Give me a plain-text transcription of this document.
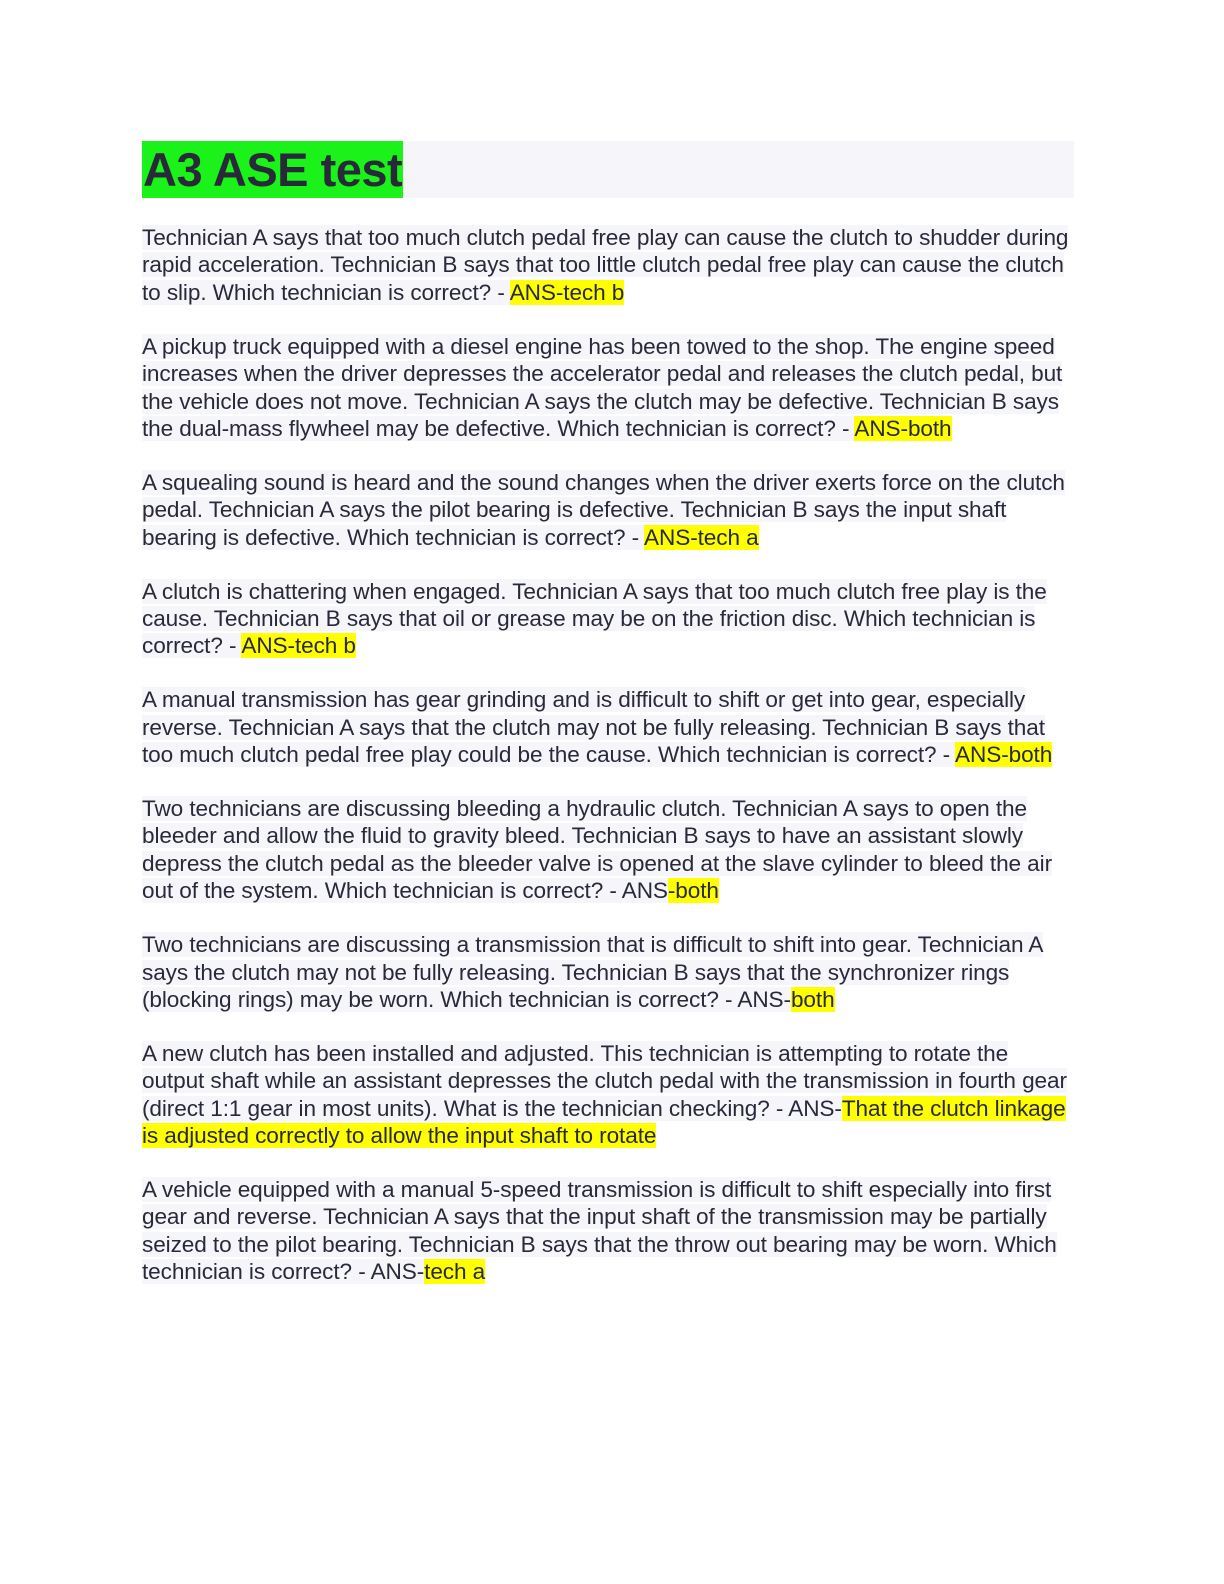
A3 ASE test

Technician A says that too much clutch pedal free play can cause the clutch to shudder during rapid acceleration. Technician B says that too little clutch pedal free play can cause the clutch to slip. Which technician is correct? - ANS-tech b

A pickup truck equipped with a diesel engine has been towed to the shop. The engine speed increases when the driver depresses the accelerator pedal and releases the clutch pedal, but the vehicle does not move. Technician A says the clutch may be defective. Technician B says the dual-mass flywheel may be defective. Which technician is correct? - ANS-both

A squealing sound is heard and the sound changes when the driver exerts force on the clutch pedal. Technician A says the pilot bearing is defective. Technician B says the input shaft bearing is defective. Which technician is correct? - ANS-tech a

A clutch is chattering when engaged. Technician A says that too much clutch free play is the cause. Technician B says that oil or grease may be on the friction disc. Which technician is correct? - ANS-tech b

A manual transmission has gear grinding and is difficult to shift or get into gear, especially reverse. Technician A says that the clutch may not be fully releasing. Technician B says that too much clutch pedal free play could be the cause. Which technician is correct? - ANS-both

Two technicians are discussing bleeding a hydraulic clutch. Technician A says to open the bleeder and allow the fluid to gravity bleed. Technician B says to have an assistant slowly depress the clutch pedal as the bleeder valve is opened at the slave cylinder to bleed the air out of the system. Which technician is correct? - ANS-both

Two technicians are discussing a transmission that is difficult to shift into gear. Technician A says the clutch may not be fully releasing. Technician B says that the synchronizer rings (blocking rings) may be worn. Which technician is correct? - ANS-both

A new clutch has been installed and adjusted. This technician is attempting to rotate the output shaft while an assistant depresses the clutch pedal with the transmission in fourth gear (direct 1:1 gear in most units). What is the technician checking? - ANS-That the clutch linkage is adjusted correctly to allow the input shaft to rotate

A vehicle equipped with a manual 5-speed transmission is difficult to shift especially into first gear and reverse. Technician A says that the input shaft of the transmission may be partially seized to the pilot bearing. Technician B says that the throw out bearing may be worn. Which technician is correct? - ANS-tech a
